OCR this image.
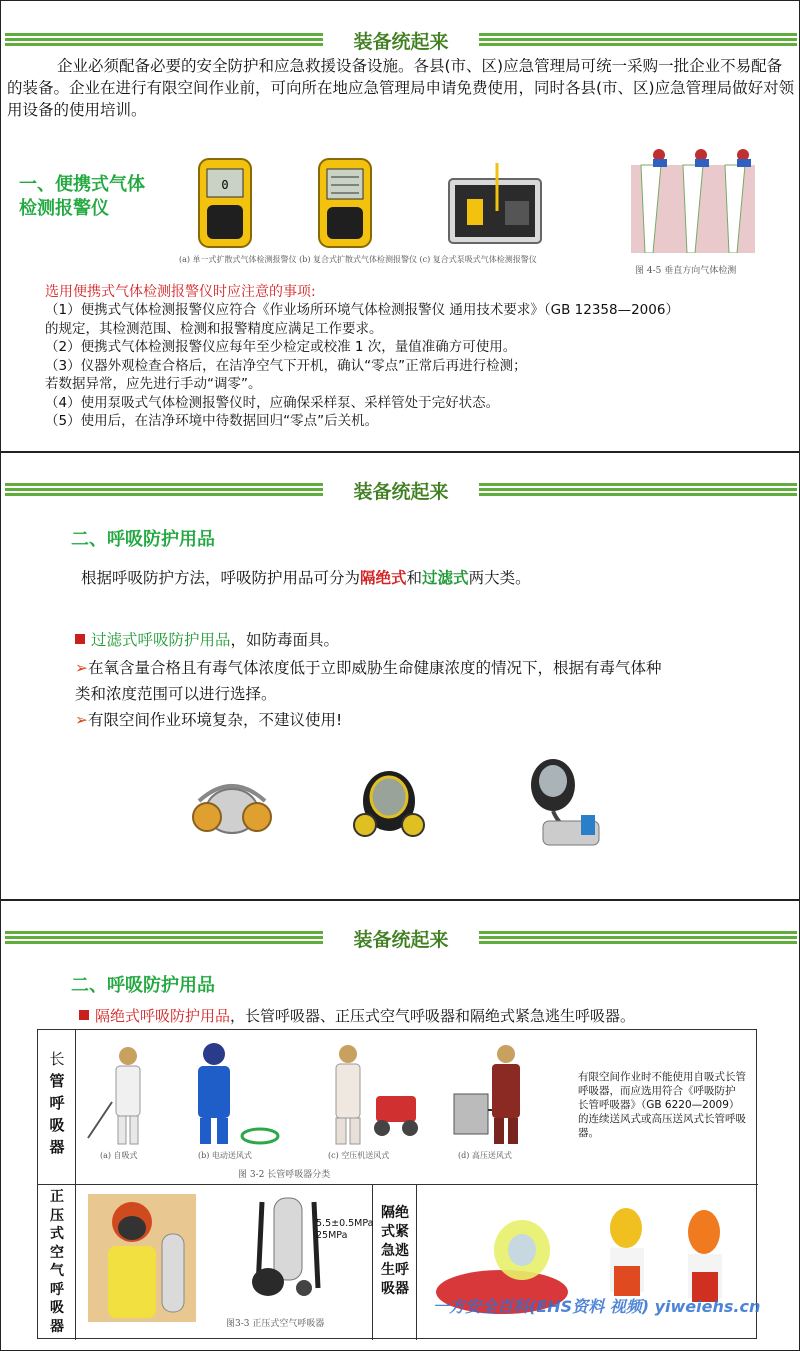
装备统起来
企业必须配备必要的安全防护和应急救援设备设施。各县(市、区)应急管理局可统一采购一批企业不易配备的装备。企业在进行有限空间作业前，可向所在地应急管理局申请免费使用，同时各县(市、区)应急管理局做好对领用设备的使用培训。
一、便携式气体
检测报警仪
0
(a) 单一式扩散式气体检测报警仪 (b) 复合式扩散式气体检测报警仪 (c) 复合式泵吸式气体检测报警仪
图 4-5 垂直方向气体检测
选用便携式气体检测报警仪时应注意的事项:
（1）便携式气体检测报警仪应符合《作业场所环境气体检测报警仪 通用技术要求》（GB 12358—2006）
的规定，其检测范围、检测和报警精度应满足工作要求。
（2）便携式气体检测报警仪应每年至少检定或校准 1 次，量值准确方可使用。
（3）仪器外观检查合格后，在洁净空气下开机，确认“零点”正常后再进行检测；
若数据异常，应先进行手动“调零”。
（4）使用泵吸式气体检测报警仪时，应确保采样泵、采样管处于完好状态。
（5）使用后，在洁净环境中待数据回归“零点”后关机。
装备统起来
二、呼吸防护用品
根据呼吸防护方法，呼吸防护用品可分为隔绝式和过滤式两大类。
过滤式呼吸防护用品，如防毒面具。
➢在氧含量合格且有毒气体浓度低于立即威胁生命健康浓度的情况下，根据有毒气体种
类和浓度范围可以进行选择。
➢有限空间作业环境复杂，不建议使用!
装备统起来
二、呼吸防护用品
隔绝式呼吸防护用品，长管呼吸器、正压式空气呼吸器和隔绝式紧急逃生呼吸器。
长
管
呼
吸
器	(a) 自吸式	(b) 电动送风式	(c) 空压机送风式	(d) 高压送风式
图 3-2 长管呼吸器分类
有限空间作业时不能使用自吸式长管呼吸器，而应选用符合《呼吸防护 长管呼吸器》（GB 6220—2009）的连续送风式或高压送风式长管呼吸器。
正
压
式
空
气
呼
吸
器
5.5±0.5MPa
25MPa
图3-3 正压式空气呼吸器
隔绝
式紧
急逃
生呼
吸器
一方安全百科(EHS资料 视频) yiweiehs.cn
